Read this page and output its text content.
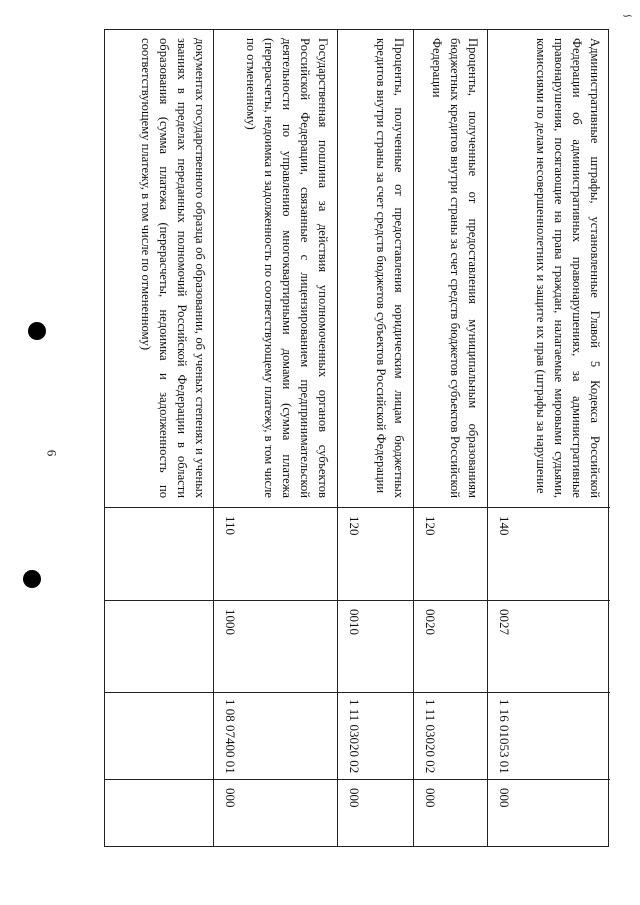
∽
6	документах государственного образца об образовании, об ученых степенях и ученых званиях в пределах переданных полномочий Российской Федерации в области образования (сумма платежа (перерасчеты, недоимка и задолженность по соответствующему платежу, в том числе по отмененному)	Государственная пошлина за действия уполномоченных органов субъектов Российской Федерации, связанные с лицензированием предпринимательской деятельности по управлению многоквартирными домами (сумма платежа (перерасчеты, недоимка и задолженность по соответствующему платежу, в том числе по отмененному)
110
1000
1 08 07400 01
000
Проценты, полученные от предоставления юридическим лицам бюджетных кредитов внутри страны за счет средств бюджетов субъектов Российской Федерации
120
0010
1 11 03020 02
000
Проценты, полученные от предоставления муниципальным образованиям бюджетных кредитов внутри страны за счет средств бюджетов субъектов Российской Федерации
120
0020
1 11 03020 02
000
Административные штрафы, установленные Главой 5 Кодекса Российской Федерации об административных правонарушениях, за административные правонарушения, посягающие на права граждан, налагаемые мировыми судьями, комиссиями по делам несовершеннолетних и защите их прав (штрафы за нарушение
140
0027
1 16 01053 01
000
